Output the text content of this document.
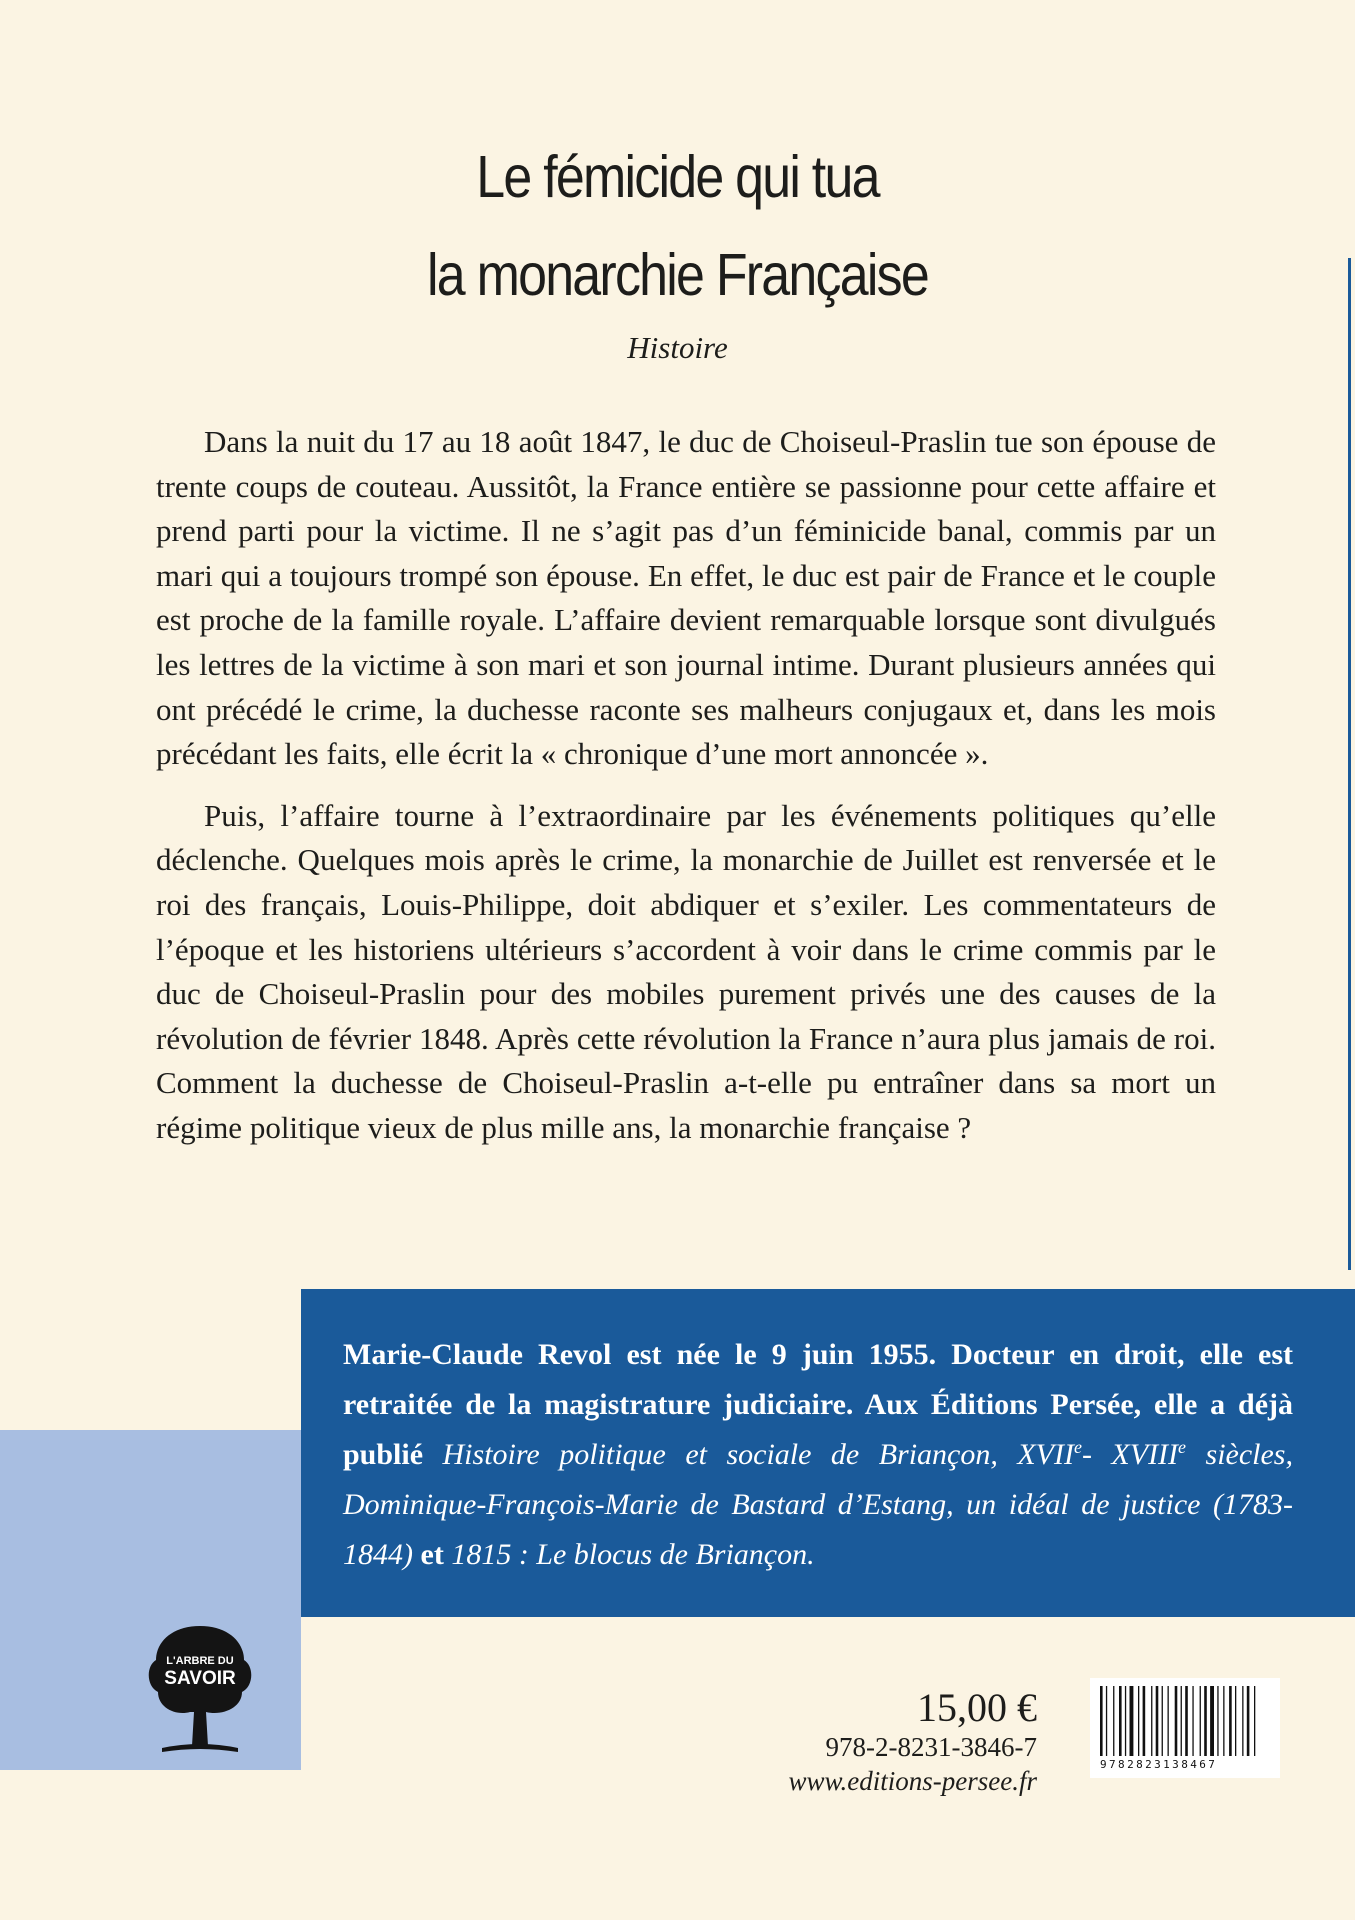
Le fémicide qui tua
la monarchie Française
Histoire

Dans la nuit du 17 au 18 août 1847, le duc de Choiseul-Praslin tue son épouse de trente coups de couteau. Aussitôt, la France entière se passionne pour cette affaire et prend parti pour la victime. Il ne s’agit pas d’un féminicide banal, commis par un mari qui a toujours trompé son épouse. En effet, le duc est pair de France et le couple est proche de la famille royale. L’affaire devient remarquable lorsque sont divulgués les lettres de la victime à son mari et son journal intime. Durant plusieurs années qui ont précédé le crime, la duchesse raconte ses malheurs conjugaux et, dans les mois précédant les faits, elle écrit la « chronique d’une mort annoncée ».

Puis, l’affaire tourne à l’extraordinaire par les événements politiques qu’elle déclenche. Quelques mois après le crime, la monarchie de Juillet est renversée et le roi des français, Louis-Philippe, doit abdiquer et s’exiler. Les commentateurs de l’époque et les historiens ultérieurs s’accordent à voir dans le crime commis par le duc de Choiseul-Praslin pour des mobiles purement privés une des causes de la révolution de février 1848. Après cette révolution la France n’aura plus jamais de roi. Comment la duchesse de Choiseul-Praslin a-t-elle pu entraîner dans sa mort un régime politique vieux de plus mille ans, la monarchie française ?

Marie-Claude Revol est née le 9 juin 1955. Docteur en droit, elle est retraitée de la magistrature judiciaire. Aux Éditions Persée, elle a déjà publié Histoire politique et sociale de Briançon, XVIIe- XVIIIe siècles, Dominique-François-Marie de Bastard d’Estang, un idéal de justice (1783-1844) et 1815 : Le blocus de Briançon.
L'ARBRE DU
SAVOIR
15,00 €
978-2-8231-3846-7
www.editions-persee.fr
9782823138467
